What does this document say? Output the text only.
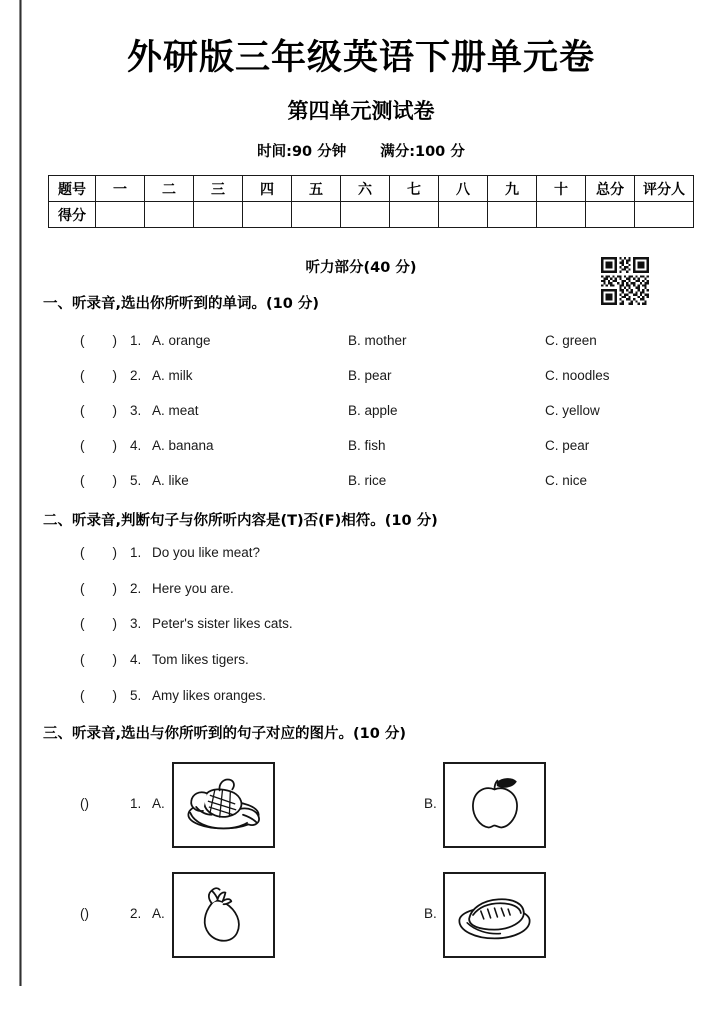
外研版三年级英语下册单元卷
第四单元测试卷
时间:90 分钟 满分:100 分
题号	一	二	三	四	五	六	七	八	九	十	总分	评分人
得分												
听力部分(40 分)
一、听录音,选出你所听到的单词。(10 分)
( ) 1. A. orange	B. mother	C. green
( ) 2. A. milk	B. pear	C. noodles
( ) 3. A. meat	B. apple	C. yellow
( ) 4. A. banana	B. fish	C. pear
( ) 5. A. like	B. rice	C. nice
二、听录音,判断句子与你所听内容是(T)否(F)相符。(10 分)
( ) 1. Do you like meat?
( ) 2. Here you are.
( ) 3. Peter's sister likes cats.
( ) 4. Tom likes tigers.
( ) 5. Amy likes oranges.
三、听录音,选出与你所听到的句子对应的图片。(10 分)
()	1. A.	B.
()	2. A.	B.
